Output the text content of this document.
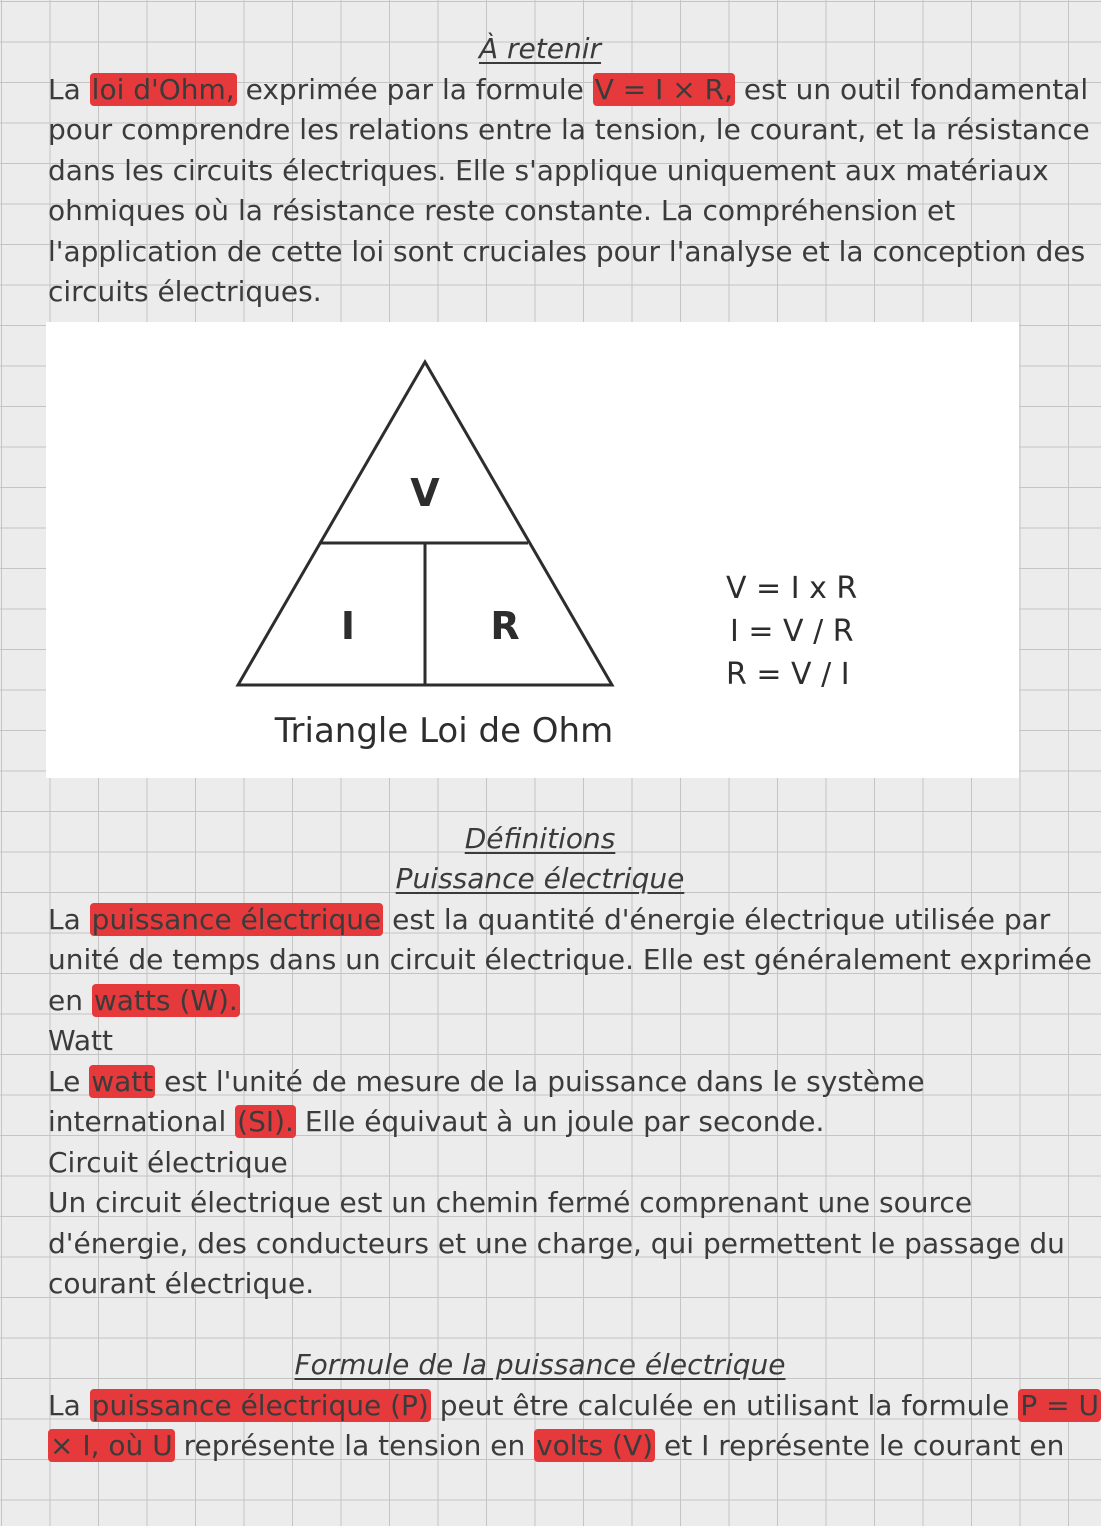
À retenir

La loi d'Ohm, exprimée par la formule V = I × R, est un outil fondamental

pour comprendre les relations entre la tension, le courant, et la résistance

dans les circuits électriques. Elle s'applique uniquement aux matériaux

ohmiques où la résistance reste constante. La compréhension et

l'application de cette loi sont cruciales pour l'analyse et la conception des

circuits électriques.

V
I	R
Triangle Loi de Ohm
V = I x R
I = V / R
R = V / I
Définitions
Puissance électrique

La puissance électrique est la quantité d'énergie électrique utilisée par

unité de temps dans un circuit électrique. Elle est généralement exprimée

en watts (W).

Watt

Le watt est l'unité de mesure de la puissance dans le système

international (SI). Elle équivaut à un joule par seconde.

Circuit électrique

Un circuit électrique est un chemin fermé comprenant une source

d'énergie, des conducteurs et une charge, qui permettent le passage du

courant électrique.

Formule de la puissance électrique

La puissance électrique (P) peut être calculée en utilisant la formule P = U

× I, où U représente la tension en volts (V) et I représente le courant en
